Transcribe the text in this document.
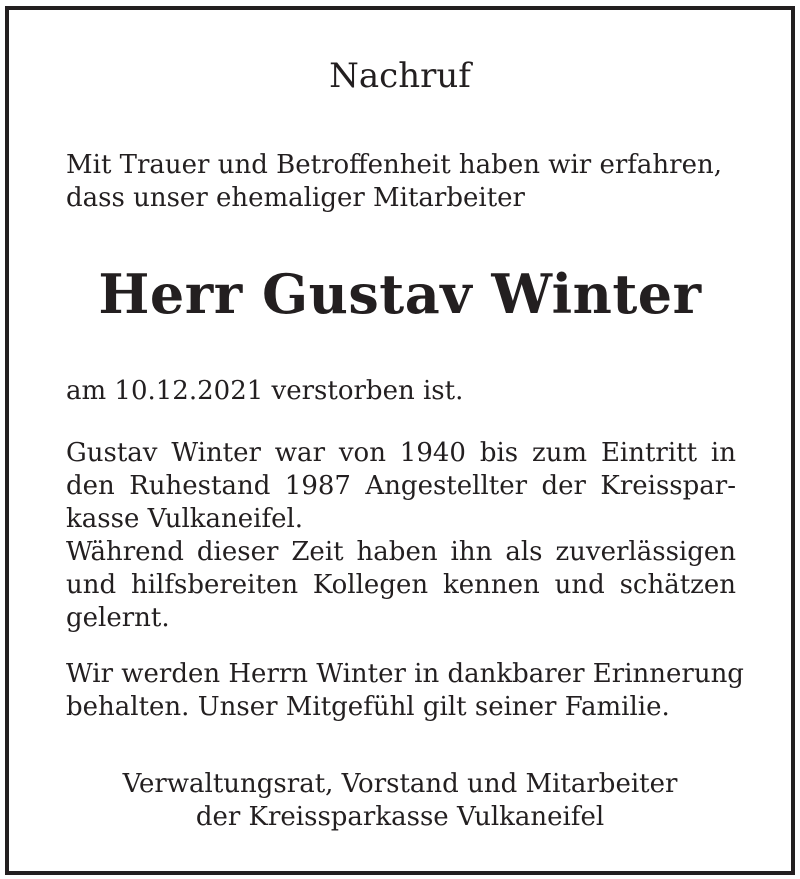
Nachruf

Mit Trauer und Betroffenheit haben wir erfahren,
dass unser ehemaliger Mitarbeiter

Herr Gustav Winter

am 10.12.2021 verstorben ist.

Gustav Winter war von 1940 bis zum Eintritt in
den Ruhestand 1987 Angestellter der Kreisspar-
kasse Vulkaneifel.
Während dieser Zeit haben ihn als zuverlässigen
und hilfsbereiten Kollegen kennen und schätzen
gelernt.

Wir werden Herrn Winter in dankbarer Erinnerung
behalten. Unser Mitgefühl gilt seiner Familie.

Verwaltungsrat, Vorstand und Mitarbeiter
der Kreissparkasse Vulkaneifel
